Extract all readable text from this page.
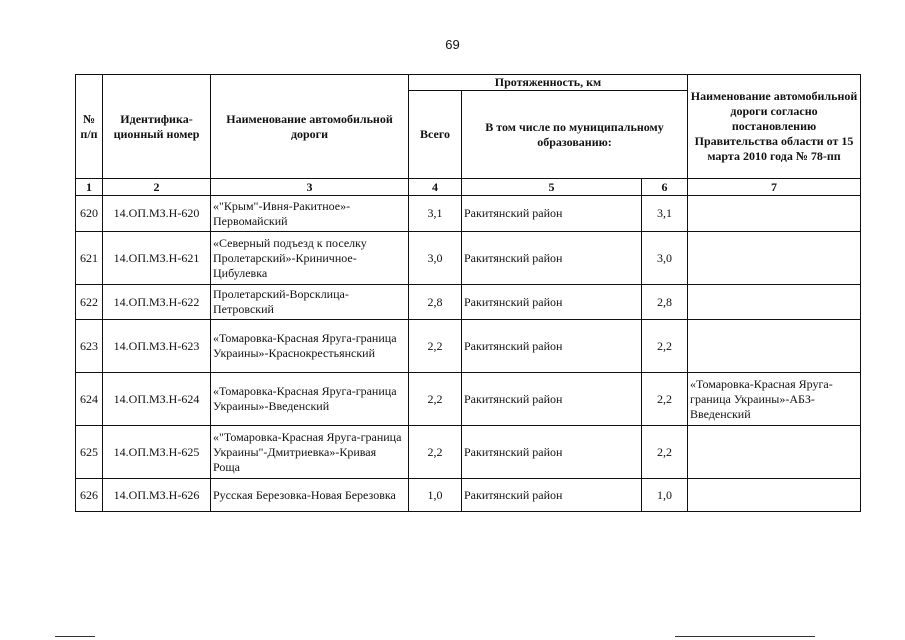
69
№ п/п	Идентифика-ционный номер	Наименование автомобильной дороги	Протяженность, км			Наименование автомобильной дороги согласно постановлению Правительства области от 15 марта 2010 года № 78-пп
			Всего	В том числе по муниципальному образованию:		
1	2	3	4	5	6	7
620	14.ОП.МЗ.Н-620	«"Крым"-Ивня-Ракитное»-Первомайский	3,1	Ракитянский район	3,1	
621	14.ОП.МЗ.Н-621	«Северный подъезд к поселку Пролетарский»-Криничное-Цибулевка	3,0	Ракитянский район	3,0	
622	14.ОП.МЗ.Н-622	Пролетарский-Ворсклица-Петровский	2,8	Ракитянский район	2,8	
623	14.ОП.МЗ.Н-623	«Томаровка-Красная Яруга-граница Украины»-Краснокрестьянский	2,2	Ракитянский район	2,2	
624	14.ОП.МЗ.Н-624	«Томаровка-Красная Яруга-граница Украины»-Введенский	2,2	Ракитянский район	2,2	«Томаровка-Красная Яруга-граница Украины»-АБЗ-Введенский
625	14.ОП.МЗ.Н-625	«"Томаровка-Красная Яруга-граница Украины"-Дмитриевка»-Кривая Роща	2,2	Ракитянский район	2,2	
626	14.ОП.МЗ.Н-626	Русская Березовка-Новая Березовка	1,0	Ракитянский район	1,0	
